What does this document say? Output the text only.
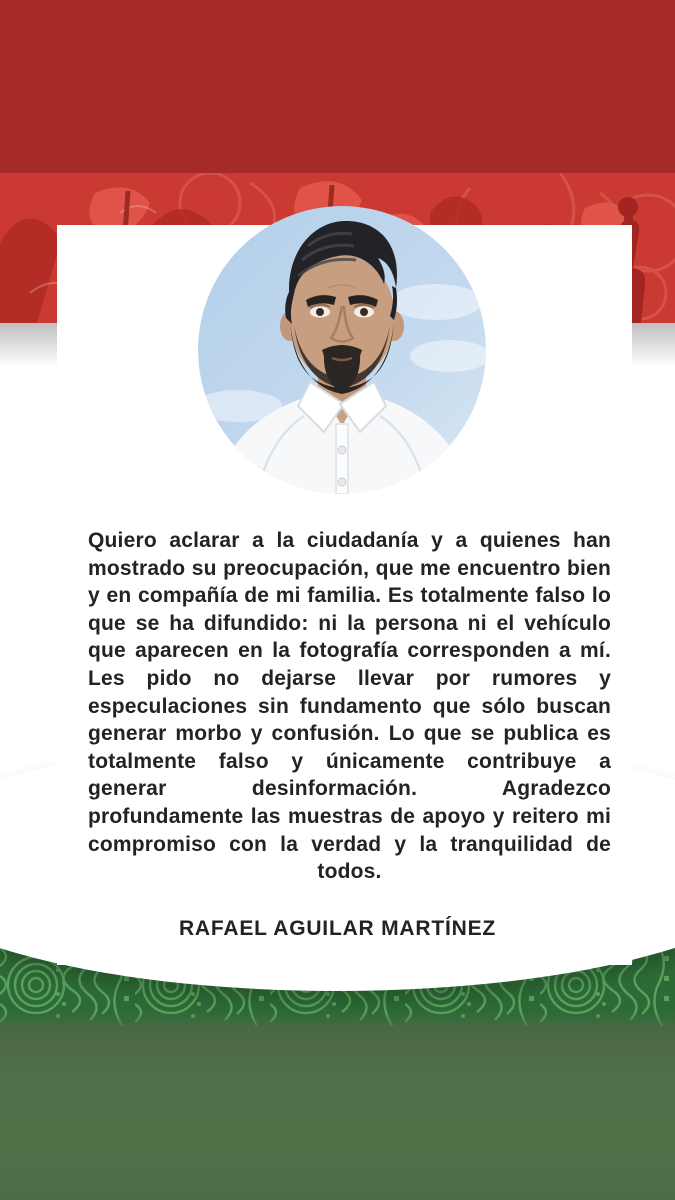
Quiero aclarar a la ciudadanía y a quienes han mostrado su preocupación, que me encuentro bien y en compañía de mi familia. Es totalmente falso lo que se ha difundido: ni la persona ni el vehículo que aparecen en la fotografía corresponden a mí. Les pido no dejarse llevar por rumores y especulaciones sin fundamento que sólo buscan generar morbo y confusión. Lo que se publica es totalmente falso y únicamente contribuye a generar desinformación. Agradezco profundamente las muestras de apoyo y reitero mi compromiso con la verdad y la tranquilidad de todos.

RAFAEL AGUILAR MARTÍNEZ
